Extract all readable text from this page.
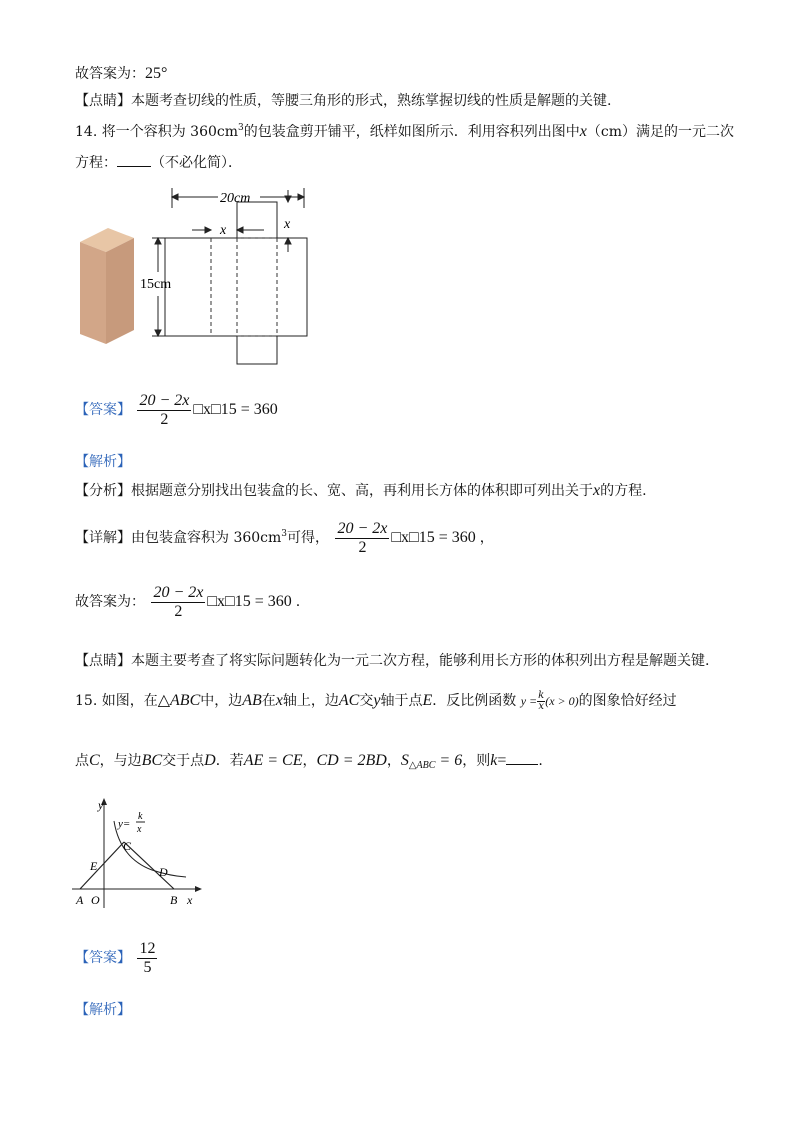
故答案为：25°
【点睛】本题考查切线的性质，等腰三角形的形式，熟练掌握切线的性质是解题的关键.
14. 将一个容积为 $360cm^3$的包装盒剪开铺平，纸样如图所示．利用容积列出图中x（cm）满足的一元二次
方程： （不必化简）．
20cm
x	x
15cm
【答案】 $\frac{20 - 2x}{2}$ □x□15 = 360
【解析】
【分析】根据题意分别找出包装盒的长、宽、高，再利用长方体的体积即可列出关于x的方程.
【详解】由包装盒容积为 $360cm^3$可得， $\frac{20 - 2x}{2}$ □x□15 = 360 ，
故答案为： $\frac{20 - 2x}{2}$ □x□15 = 360 .
【点睛】本题主要考查了将实际问题转化为一元二次方程，能够利用长方形的体积列出方程是解题关键.
15. 如图，在△ABC中，边AB在x轴上，边AC交y轴于点E．反比例函数 $y = \frac{k}{x} (x > 0)$的图象恰好经过
点C，与边BC交于点D．若AE = CE，CD = 2BD，$S_{\triangle ABC} = 6$，则k= .
y
x
y=
k
x
C
E	D
A O	B
【答案】 $\frac{12}{5}$
【解析】
